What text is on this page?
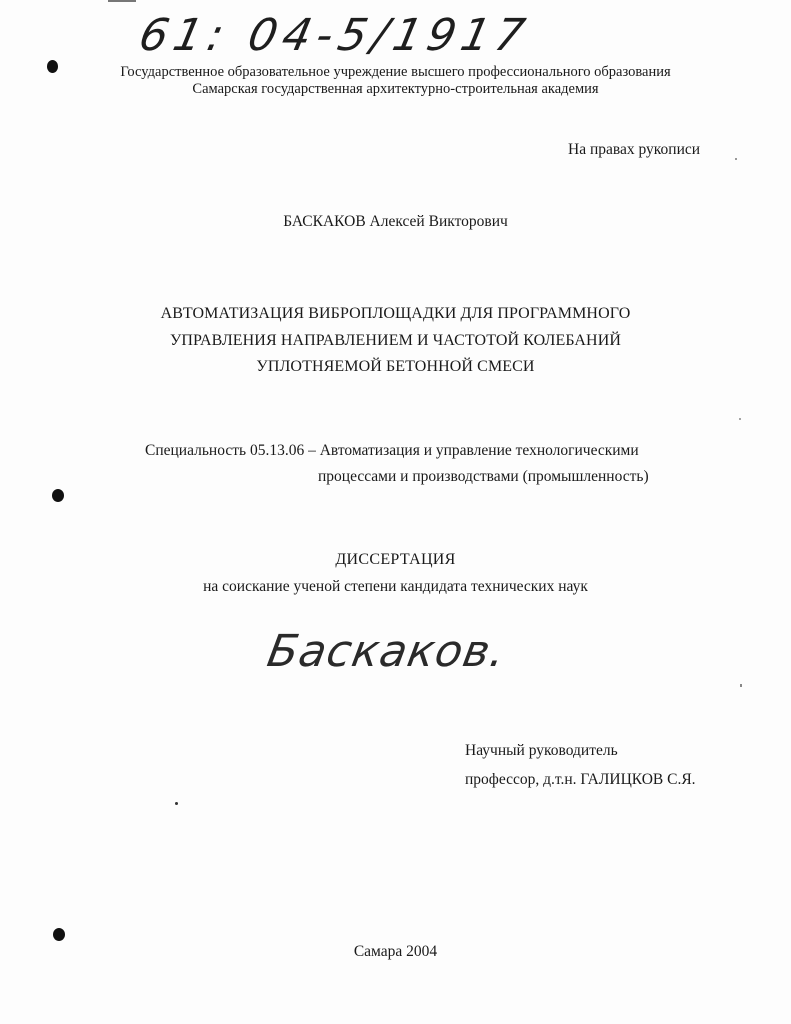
61: 04-5/1917
Государственное образовательное учреждение высшего профессионального образования
Самарская государственная архитектурно-строительная академия
На правах рукописи
БАСКАКОВ Алексей Викторович
АВТОМАТИЗАЦИЯ ВИБРОПЛОЩАДКИ ДЛЯ ПРОГРАММНОГО
УПРАВЛЕНИЯ НАПРАВЛЕНИЕМ И ЧАСТОТОЙ КОЛЕБАНИЙ
УПЛОТНЯЕМОЙ БЕТОННОЙ СМЕСИ
Специальность 05.13.06 – Автоматизация и управление технологическими
процессами и производствами (промышленность)
ДИССЕРТАЦИЯ
на соискание ученой степени кандидата технических наук
Баскаков.
Научный руководитель
профессор, д.т.н. ГАЛИЦКОВ С.Я.
Самара 2004
